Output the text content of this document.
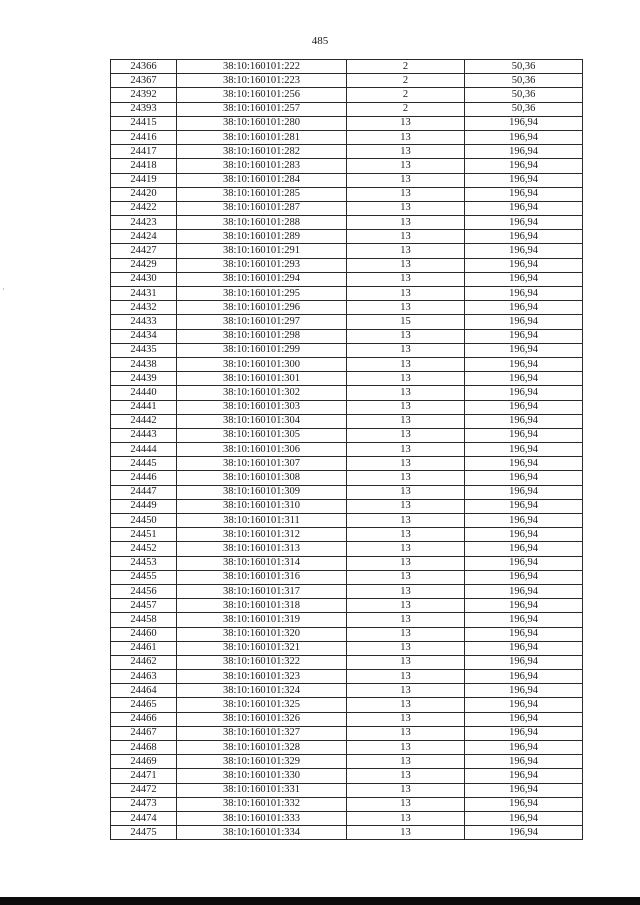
485
24366	38:10:160101:222	2	50,36
24367	38:10:160101:223	2	50,36
24392	38:10:160101:256	2	50,36
24393	38:10:160101:257	2	50,36
24415	38:10:160101:280	13	196,94
24416	38:10:160101:281	13	196,94
24417	38:10:160101:282	13	196,94
24418	38:10:160101:283	13	196,94
24419	38:10:160101:284	13	196,94
24420	38:10:160101:285	13	196,94
24422	38:10:160101:287	13	196,94
24423	38:10:160101:288	13	196,94
24424	38:10:160101:289	13	196,94
24427	38:10:160101:291	13	196,94
24429	38:10:160101:293	13	196,94
24430	38:10:160101:294	13	196,94
24431	38:10:160101:295	13	196,94
24432	38:10:160101:296	13	196,94
24433	38:10:160101:297	15	196,94
24434	38:10:160101:298	13	196,94
24435	38:10:160101:299	13	196,94
24438	38:10:160101:300	13	196,94
24439	38:10:160101:301	13	196,94
24440	38:10:160101:302	13	196,94
24441	38:10:160101:303	13	196,94
24442	38:10:160101:304	13	196,94
24443	38:10:160101:305	13	196,94
24444	38:10:160101:306	13	196,94
24445	38:10:160101:307	13	196,94
24446	38:10:160101:308	13	196,94
24447	38:10:160101:309	13	196,94
24449	38:10:160101:310	13	196,94
24450	38:10:160101:311	13	196,94
24451	38:10:160101:312	13	196,94
24452	38:10:160101:313	13	196,94
24453	38:10:160101:314	13	196,94
24455	38:10:160101:316	13	196,94
24456	38:10:160101:317	13	196,94
24457	38:10:160101:318	13	196,94
24458	38:10:160101:319	13	196,94
24460	38:10:160101:320	13	196,94
24461	38:10:160101:321	13	196,94
24462	38:10:160101:322	13	196,94
24463	38:10:160101:323	13	196,94
24464	38:10:160101:324	13	196,94
24465	38:10:160101:325	13	196,94
24466	38:10:160101:326	13	196,94
24467	38:10:160101:327	13	196,94
24468	38:10:160101:328	13	196,94
24469	38:10:160101:329	13	196,94
24471	38:10:160101:330	13	196,94
24472	38:10:160101:331	13	196,94
24473	38:10:160101:332	13	196,94
24474	38:10:160101:333	13	196,94
24475	38:10:160101:334	13	196,94
